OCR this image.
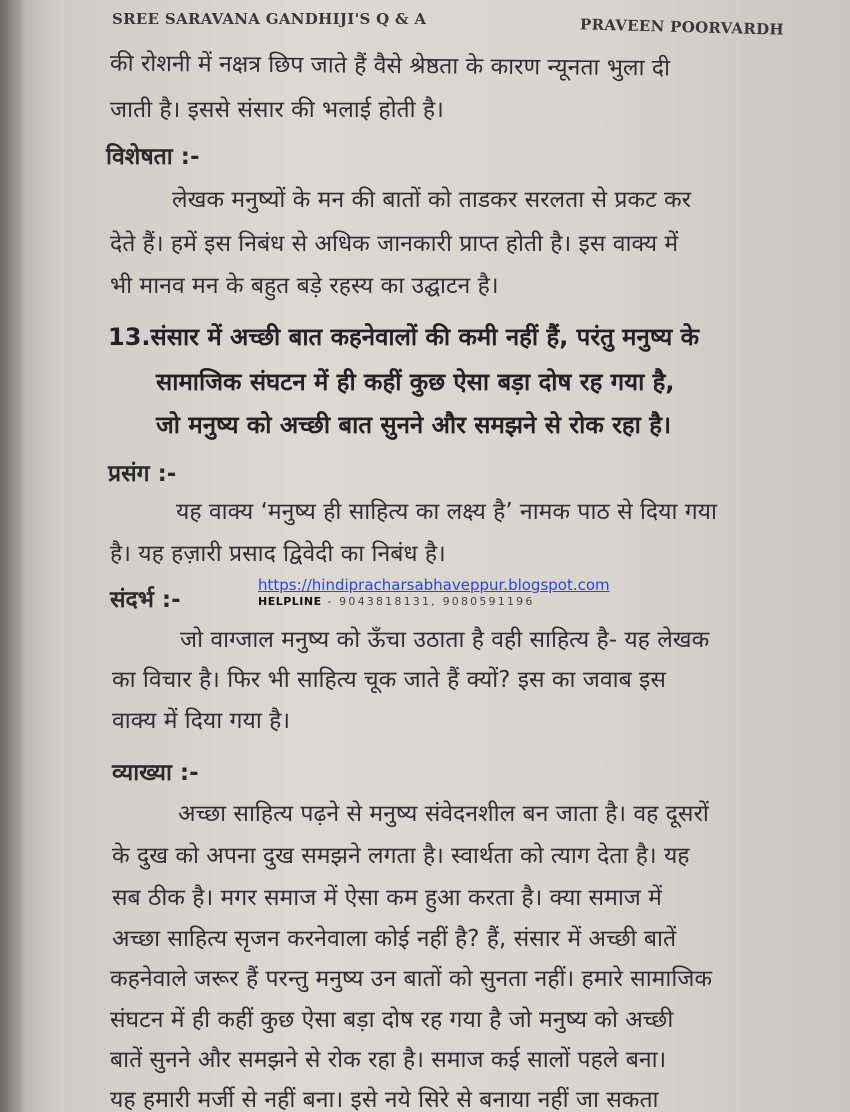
SREE SARAVANA GANDHIJI'S Q & A	PRAVEEN POORVARDH
की रोशनी में नक्षत्र छिप जाते हैं वैसे श्रेष्ठता के कारण न्यूनता भुला दी
जाती है। इससे संसार की भलाई होती है।
विशेषता :-
लेखक मनुष्यों के मन की बातों को ताडकर सरलता से प्रकट कर
देते हैं। हमें इस निबंध से अधिक जानकारी प्राप्त होती है। इस वाक्य में
भी मानव मन के बहुत बड़े रहस्य का उद्घाटन है।
13.संसार में अच्छी बात कहनेवालों की कमी नहीं हैं, परंतु मनुष्य के
सामाजिक संघटन में ही कहीं कुछ ऐसा बड़ा दोष रह गया है,
जो मनुष्य को अच्छी बात सुनने और समझने से रोक रहा है।
प्रसंग :-
यह वाक्य ‘मनुष्य ही साहित्य का लक्ष्य है’ नामक पाठ से दिया गया
है। यह हज़ारी प्रसाद द्विवेदी का निबंध है।
संदर्भ :-
https://hindipracharsabhaveppur.blogspot.com
HELPLINE - 9043818131, 9080591196
जो वाग्जाल मनुष्य को ऊँचा उठाता है वही साहित्य है- यह लेखक
का विचार है। फिर भी साहित्य चूक जाते हैं क्यों? इस का जवाब इस
वाक्य में दिया गया है।
व्याख्या :-
अच्छा साहित्य पढ़ने से मनुष्य संवेदनशील बन जाता है। वह दूसरों
के दुख को अपना दुख समझने लगता है। स्वार्थता को त्याग देता है। यह
सब ठीक है। मगर समाज में ऐसा कम हुआ करता है। क्या समाज में
अच्छा साहित्य सृजन करनेवाला कोई नहीं है? हैं, संसार में अच्छी बातें
कहनेवाले जरूर हैं परन्तु मनुष्य उन बातों को सुनता नहीं। हमारे सामाजिक
संघटन में ही कहीं कुछ ऐसा बड़ा दोष रह गया है जो मनुष्य को अच्छी
बातें सुनने और समझने से रोक रहा है। समाज कई सालों पहले बना।
यह हमारी मर्जी से नहीं बना। इसे नये सिरे से बनाया नहीं जा सकता
